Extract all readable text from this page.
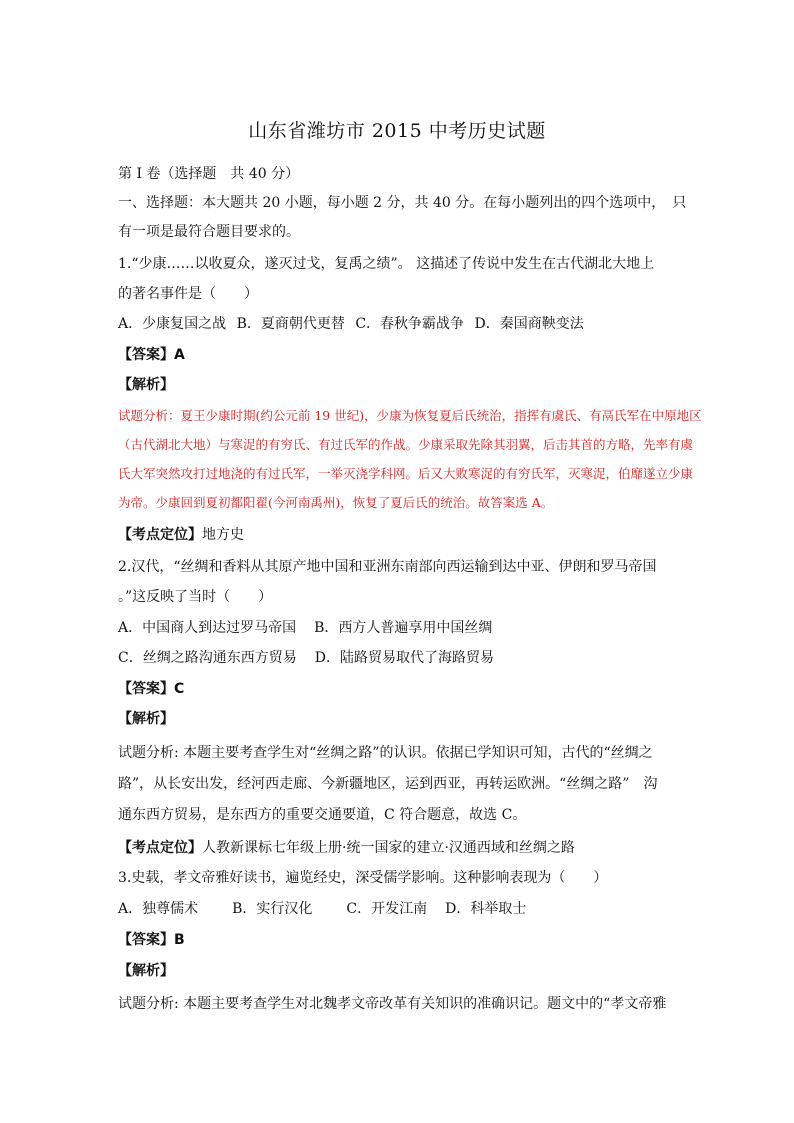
山东省潍坊市 2015 中考历史试题
第 I 卷（选择题　共 40 分）
一、选择题：本大题共 20 小题，每小题 2 分，共 40 分。在每小题列出的四个选项中，　只
有一项是最符合题目要求的。
1.“少康……以收夏众，遂灭过戈，复禹之绩”。 这描述了传说中发生在古代湖北大地上
的著名事件是（　　）
A．少康复国之战 B．夏商朝代更替 C．春秋争霸战争 D．秦国商鞅变法
【答案】A
【解析】
试题分析：夏王少康时期(约公元前 19 世纪)，少康为恢复夏后氏统治，指挥有虞氏、有鬲氏军在中原地区
（古代湖北大地）与寒浞的有穷氏、有过氏军的作战。少康采取先除其羽翼，后击其首的方略，先率有虞
氏大军突然攻打过地浇的有过氏军，一举灭浇学科网。后又大败寒浞的有穷氏军，灭寒浞，伯靡遂立少康
为帝。少康回到夏初都阳翟(今河南禹州)，恢复了夏后氏的统治。故答案选 A。
【考点定位】地方史
2.汉代，“丝绸和香料从其原产地中国和亚洲东南部向西运输到达中亚、伊朗和罗马帝国
。”这反映了当时（　　）
A．中国商人到达过罗马帝国 B．西方人普遍享用中国丝绸
C．丝绸之路沟通东西方贸易 D．陆路贸易取代了海路贸易
【答案】C
【解析】
试题分析: 本题主要考查学生对“丝绸之路”的认识。依据已学知识可知，古代的“丝绸之
路”，从长安出发，经河西走廊、今新疆地区，运到西亚，再转运欧洲。“丝绸之路”　沟
通东西方贸易，是东西方的重要交通要道，C 符合题意，故选 C。
【考点定位】人教新课标七年级上册·统一国家的建立·汉通西域和丝绸之路
3.史载，孝文帝雅好读书，遍览经史，深受儒学影响。这种影响表现为（　　）
A．独尊儒术 B．实行汉化 C．开发江南 D．科举取士
【答案】B
【解析】
试题分析: 本题主要考查学生对北魏孝文帝改革有关知识的准确识记。题文中的“孝文帝雅
